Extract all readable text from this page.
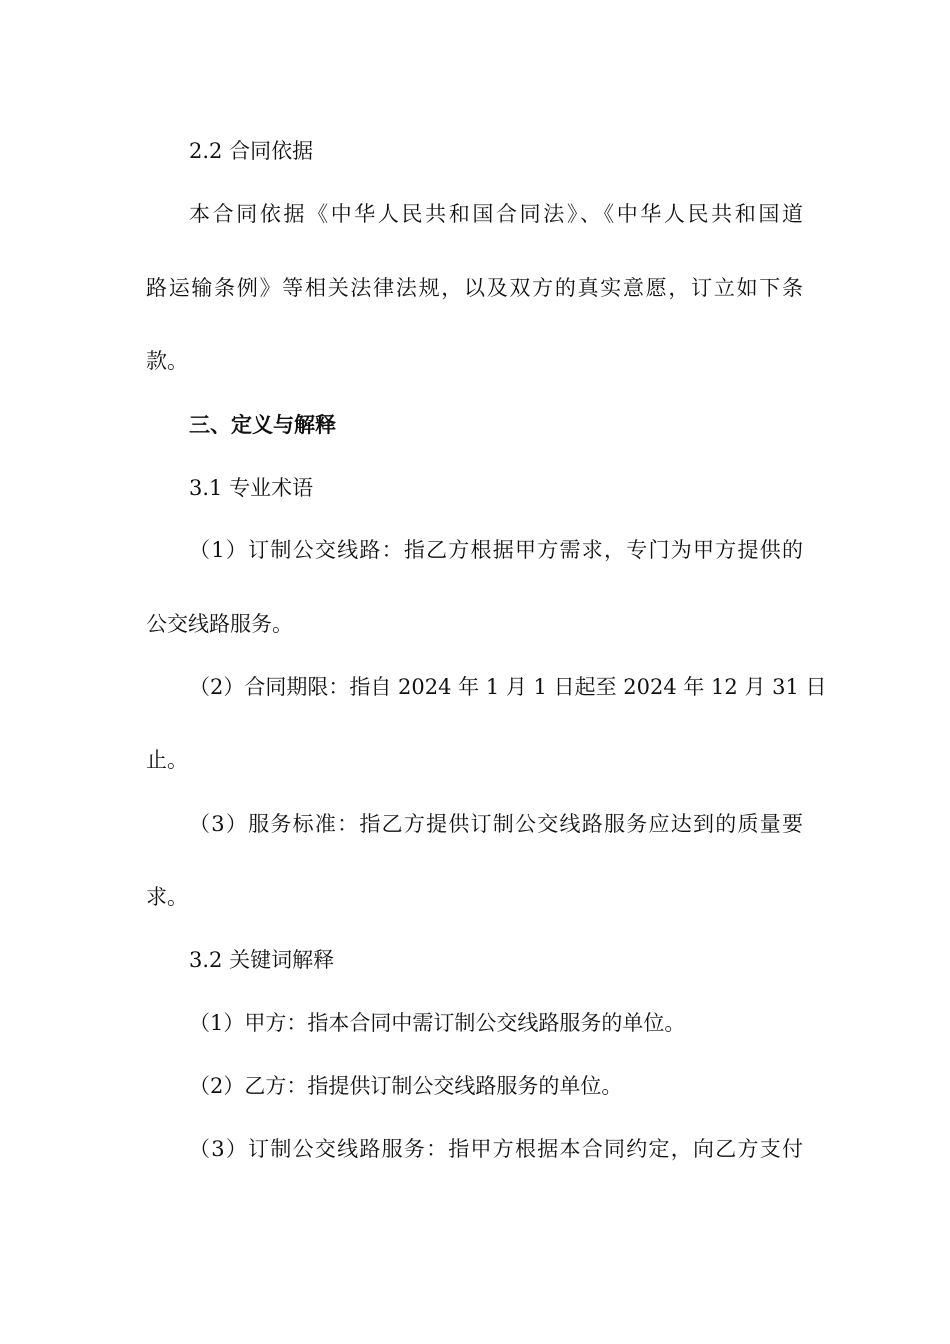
2.2 合同依据
本合同依据《中华人民共和国合同法》、《中华人民共和国道
路运输条例》等相关法律法规，以及双方的真实意愿，订立如下条
款。
三、定义与解释
3.1 专业术语
（1）订制公交线路：指乙方根据甲方需求，专门为甲方提供的
公交线路服务。
（2）合同期限：指自 2024 年 1 月 1 日起至 2024 年 12 月 31 日
止。
（3）服务标准：指乙方提供订制公交线路服务应达到的质量要
求。
3.2 关键词解释
（1）甲方：指本合同中需订制公交线路服务的单位。
（2）乙方：指提供订制公交线路服务的单位。
（3）订制公交线路服务：指甲方根据本合同约定，向乙方支付
